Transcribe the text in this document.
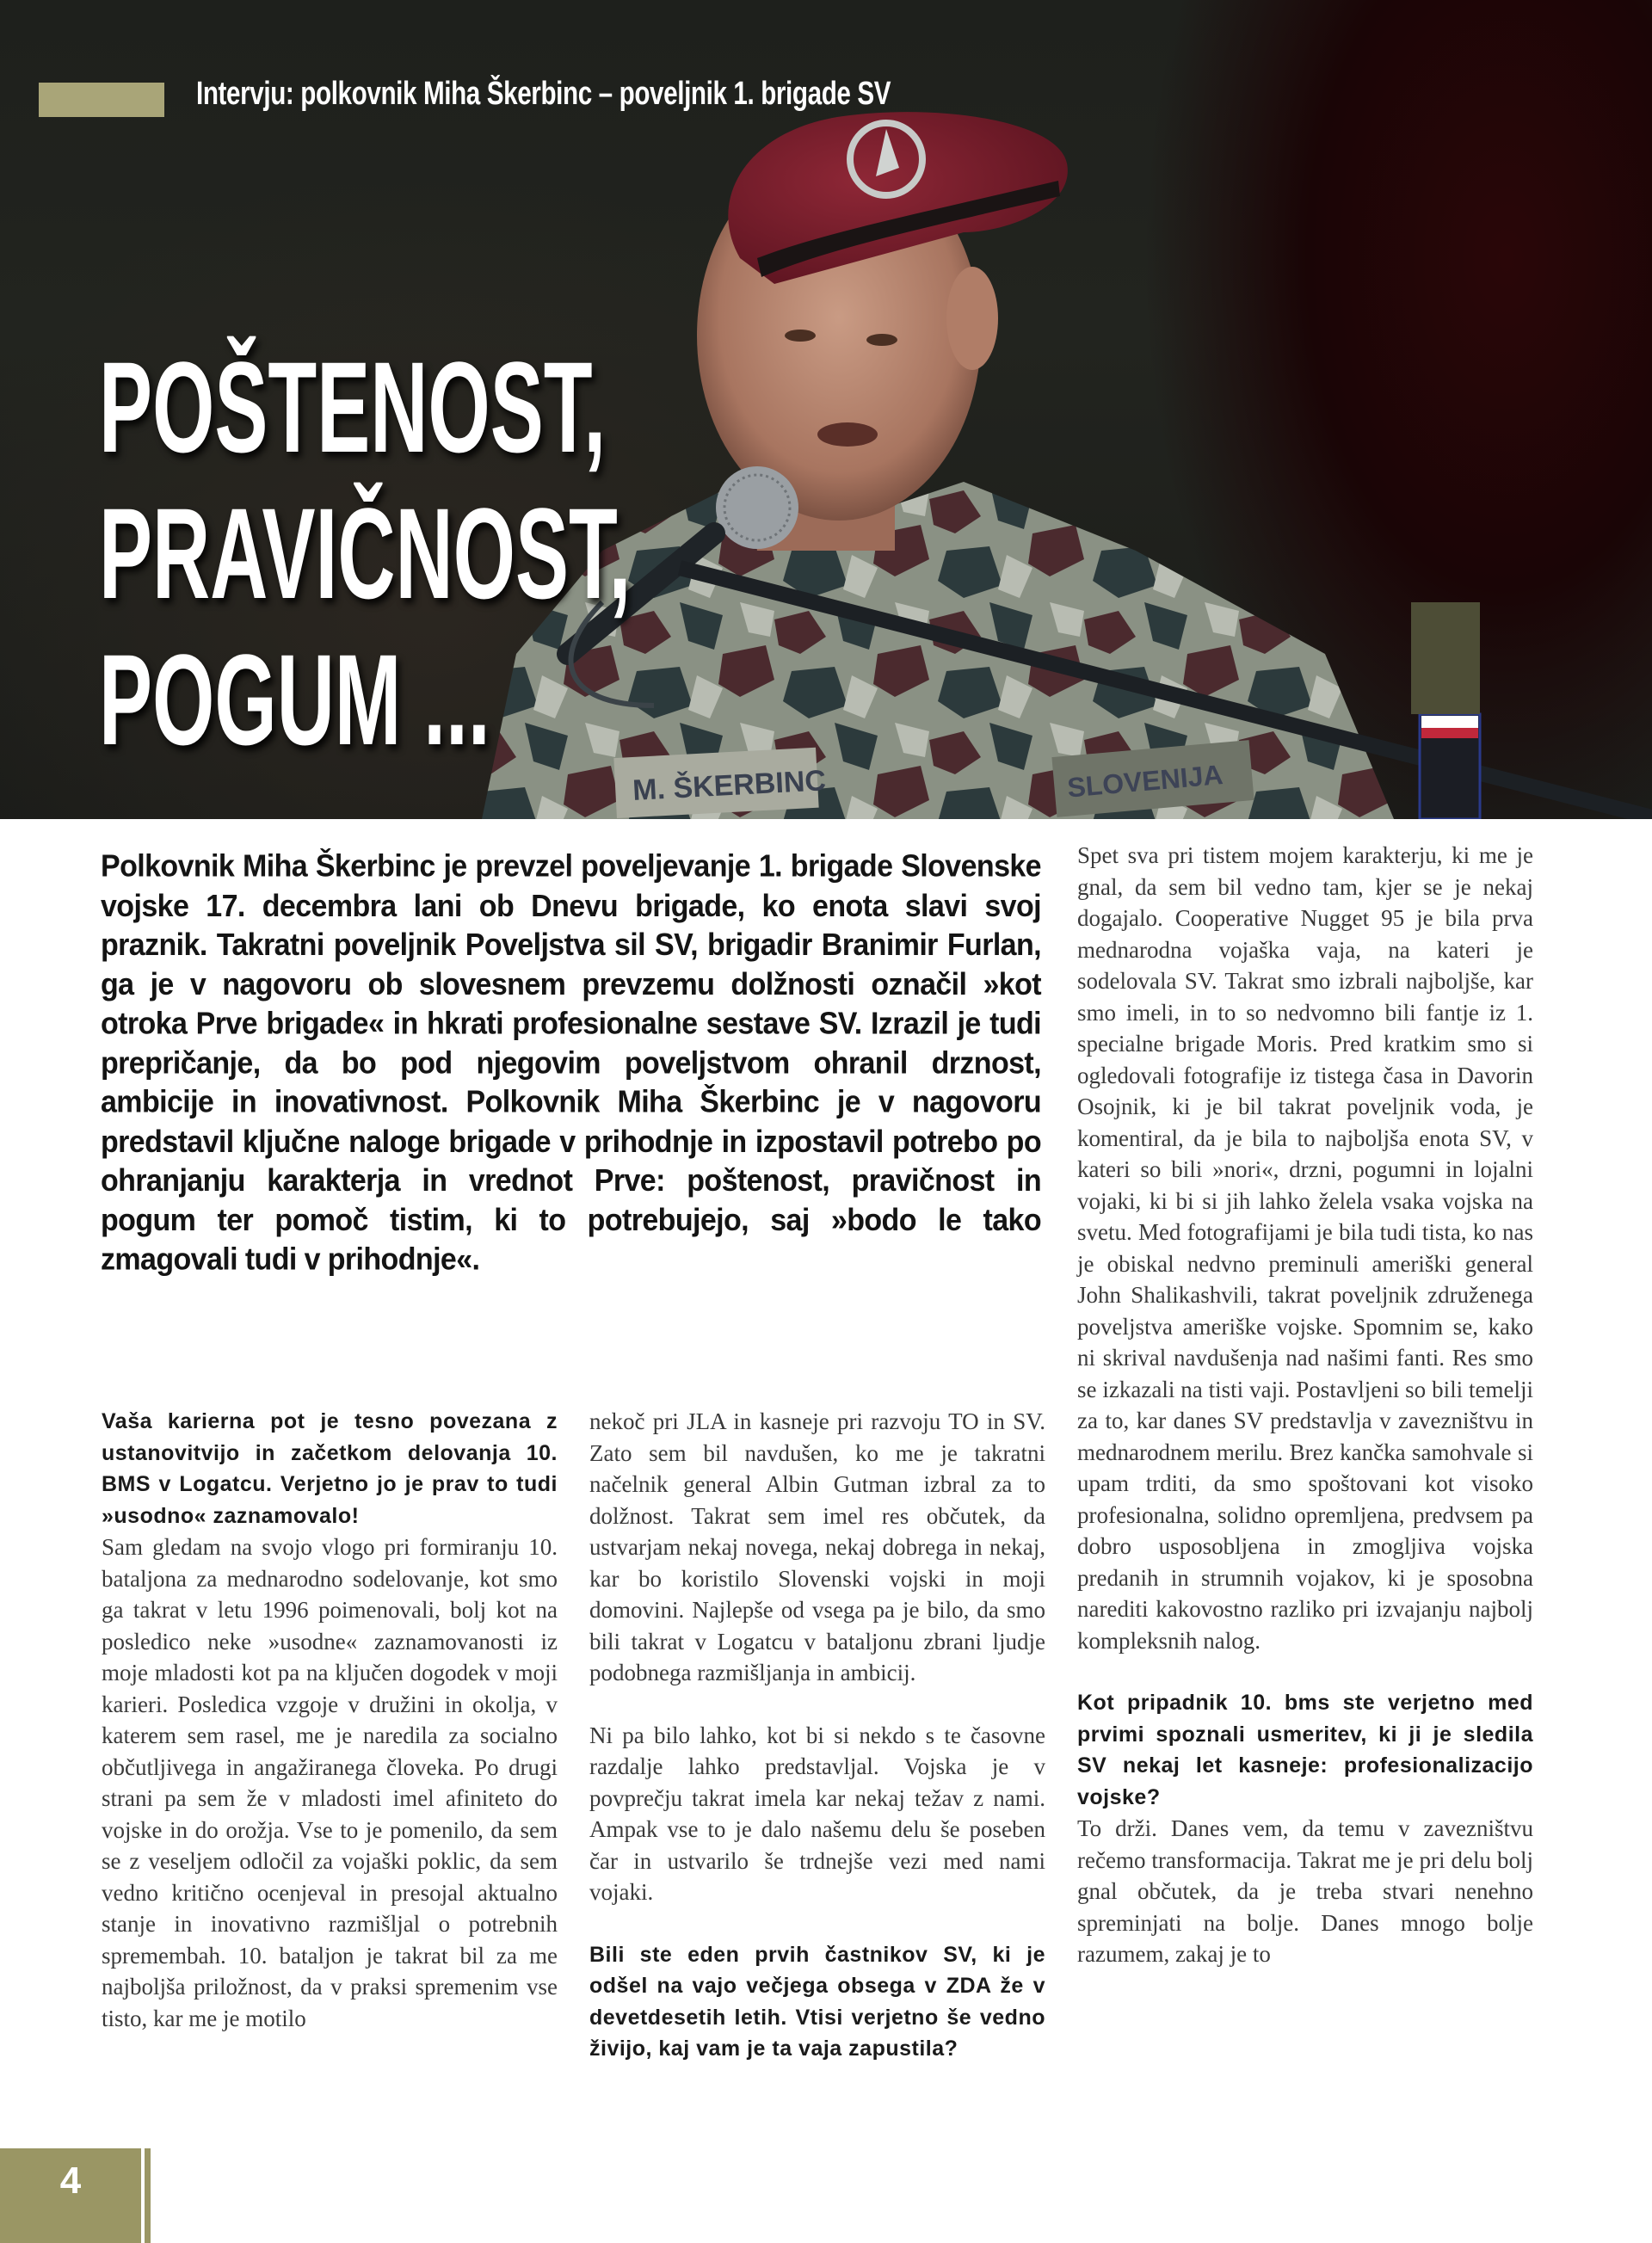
M. ŠKERBINC	SLOVENIJA
Intervju: polkovnik Miha Škerbinc – poveljnik 1. brigade SV
POŠTENOST,
PRAVIČNOST,
POGUM ...
Polkovnik Miha Škerbinc je prevzel poveljevanje 1. brigade Slovenske vojske 17. decembra lani ob Dnevu brigade, ko enota slavi svoj praznik. Takratni poveljnik Poveljstva sil SV, brigadir Branimir Furlan, ga je v nagovoru ob slovesnem prevzemu dolžnosti označil »kot otroka Prve brigade« in hkrati profesionalne sestave SV. Izrazil je tudi prepričanje, da bo pod njegovim poveljstvom ohranil drznost, ambicije in inovativnost. Polkovnik Miha Škerbinc je v nagovoru predstavil ključne naloge brigade v prihodnje in izpostavil potrebo po ohranjanju karakterja in vrednot Prve: poštenost, pravičnost in pogum ter pomoč tistim, ki to potrebujejo, saj »bodo le tako zmagovali tudi v prihodnje«.

Vaša karierna pot je tesno povezana z ustanovitvijo in začetkom delovanja 10. BMS v Logatcu. Verjetno jo je prav to tudi »usodno« zaznamovalo!

Sam gledam na svojo vlogo pri formiranju 10. bataljona za mednarodno sodelovanje, kot smo ga takrat v letu 1996 poimenovali, bolj kot na posledico neke »usodne« zaznamovanosti iz moje mladosti kot pa na ključen dogodek v moji karieri. Posledica vzgoje v družini in okolja, v katerem sem rasel, me je naredila za socialno občutljivega in angažiranega človeka. Po drugi strani pa sem že v mladosti imel afiniteto do vojske in do orožja. Vse to je pomenilo, da sem se z veseljem odločil za vojaški poklic, da sem vedno kritično ocenjeval in presojal aktualno stanje in inovativno razmišljal o potrebnih spremembah. 10. bataljon je takrat bil za me najboljša priložnost, da v praksi spremenim vse tisto, kar me je motilo

nekoč pri JLA in kasneje pri razvoju TO in SV. Zato sem bil navdušen, ko me je takratni načelnik general Albin Gutman izbral za to dolžnost. Takrat sem imel res občutek, da ustvarjam nekaj novega, nekaj dobrega in nekaj, kar bo koristilo Slovenski vojski in moji domovini. Najlepše od vsega pa je bilo, da smo bili takrat v Logatcu v bataljonu zbrani ljudje podobnega razmišljanja in ambicij.

Ni pa bilo lahko, kot bi si nekdo s te časovne razdalje lahko predstavljal. Vojska je v povprečju takrat imela kar nekaj težav z nami. Ampak vse to je dalo našemu delu še poseben čar in ustvarilo še trdnejše vezi med nami vojaki.

Bili ste eden prvih častnikov SV, ki je odšel na vajo večjega obsega v ZDA že v devetdesetih letih. Vtisi verjetno še vedno živijo, kaj vam je ta vaja zapustila?

Spet sva pri tistem mojem karakterju, ki me je gnal, da sem bil vedno tam, kjer se je nekaj dogajalo. Cooperative Nugget 95 je bila prva mednarodna vojaška vaja, na kateri je sodelovala SV. Takrat smo izbrali najboljše, kar smo imeli, in to so nedvomno bili fantje iz 1. specialne brigade Moris. Pred kratkim smo si ogledovali fotografije iz tistega časa in Davorin Osojnik, ki je bil takrat poveljnik voda, je komentiral, da je bila to najboljša enota SV, v kateri so bili »nori«, drzni, pogumni in lojalni vojaki, ki bi si jih lahko želela vsaka vojska na svetu. Med fotografijami je bila tudi tista, ko nas je obiskal nedvno preminuli ameriški general John Shalikashvili, takrat poveljnik združenega poveljstva ameriške vojske. Spomnim se, kako ni skrival navdušenja nad našimi fanti. Res smo se izkazali na tisti vaji. Postavljeni so bili temelji za to, kar danes SV predstavlja v zavezništvu in mednarodnem merilu. Brez kančka samohvale si upam trditi, da smo spoštovani kot visoko profesionalna, solidno opremljena, predvsem pa dobro usposobljena in zmogljiva vojska predanih in strumnih vojakov, ki je sposobna narediti kakovostno razliko pri izvajanju najbolj kompleksnih nalog.

Kot pripadnik 10. bms ste verjetno med prvimi spoznali usmeritev, ki ji je sledila SV nekaj let kasneje: profesionalizacijo vojske?

To drži. Danes vem, da temu v zavezništvu rečemo transformacija. Takrat me je pri delu bolj gnal občutek, da je treba stvari nenehno spreminjati na bolje. Danes mnogo bolje razumem, zakaj je to

4
